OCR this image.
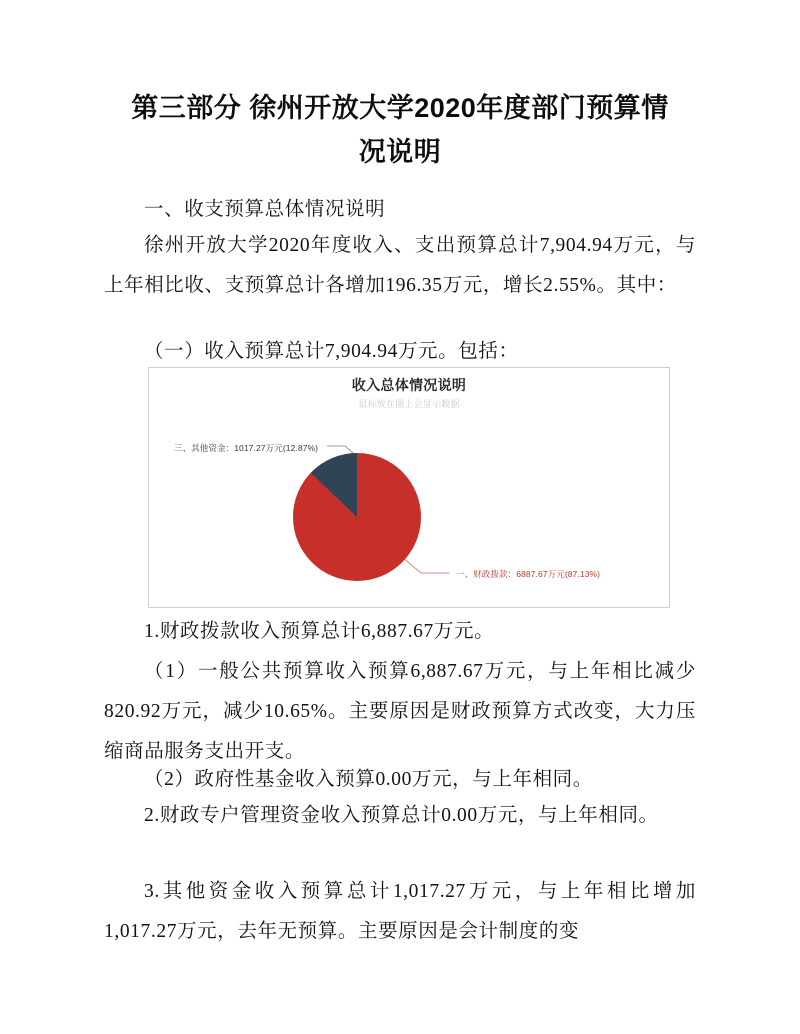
第三部分 徐州开放大学2020年度部门预算情况说明
一、收支预算总体情况说明
徐州开放大学2020年度收入、支出预算总计7,904.94万元，与上年相比收、支预算总计各增加196.35万元，增长2.55%。其中：
（一）收入预算总计7,904.94万元。包括：
收入总体情况说明
鼠标放在图上会显示数据
三、其他资金：1017.27万元(12.87%)
一、财政拨款：6887.67万元(87.13%)
1.财政拨款收入预算总计6,887.67万元。
（1）一般公共预算收入预算6,887.67万元，与上年相比减少820.92万元，减少10.65%。主要原因是财政预算方式改变，大力压缩商品服务支出开支。
（2）政府性基金收入预算0.00万元，与上年相同。
2.财政专户管理资金收入预算总计0.00万元，与上年相同。
3.其他资金收入预算总计1,017.27万元，与上年相比增加1,017.27万元，去年无预算。主要原因是会计制度的变
